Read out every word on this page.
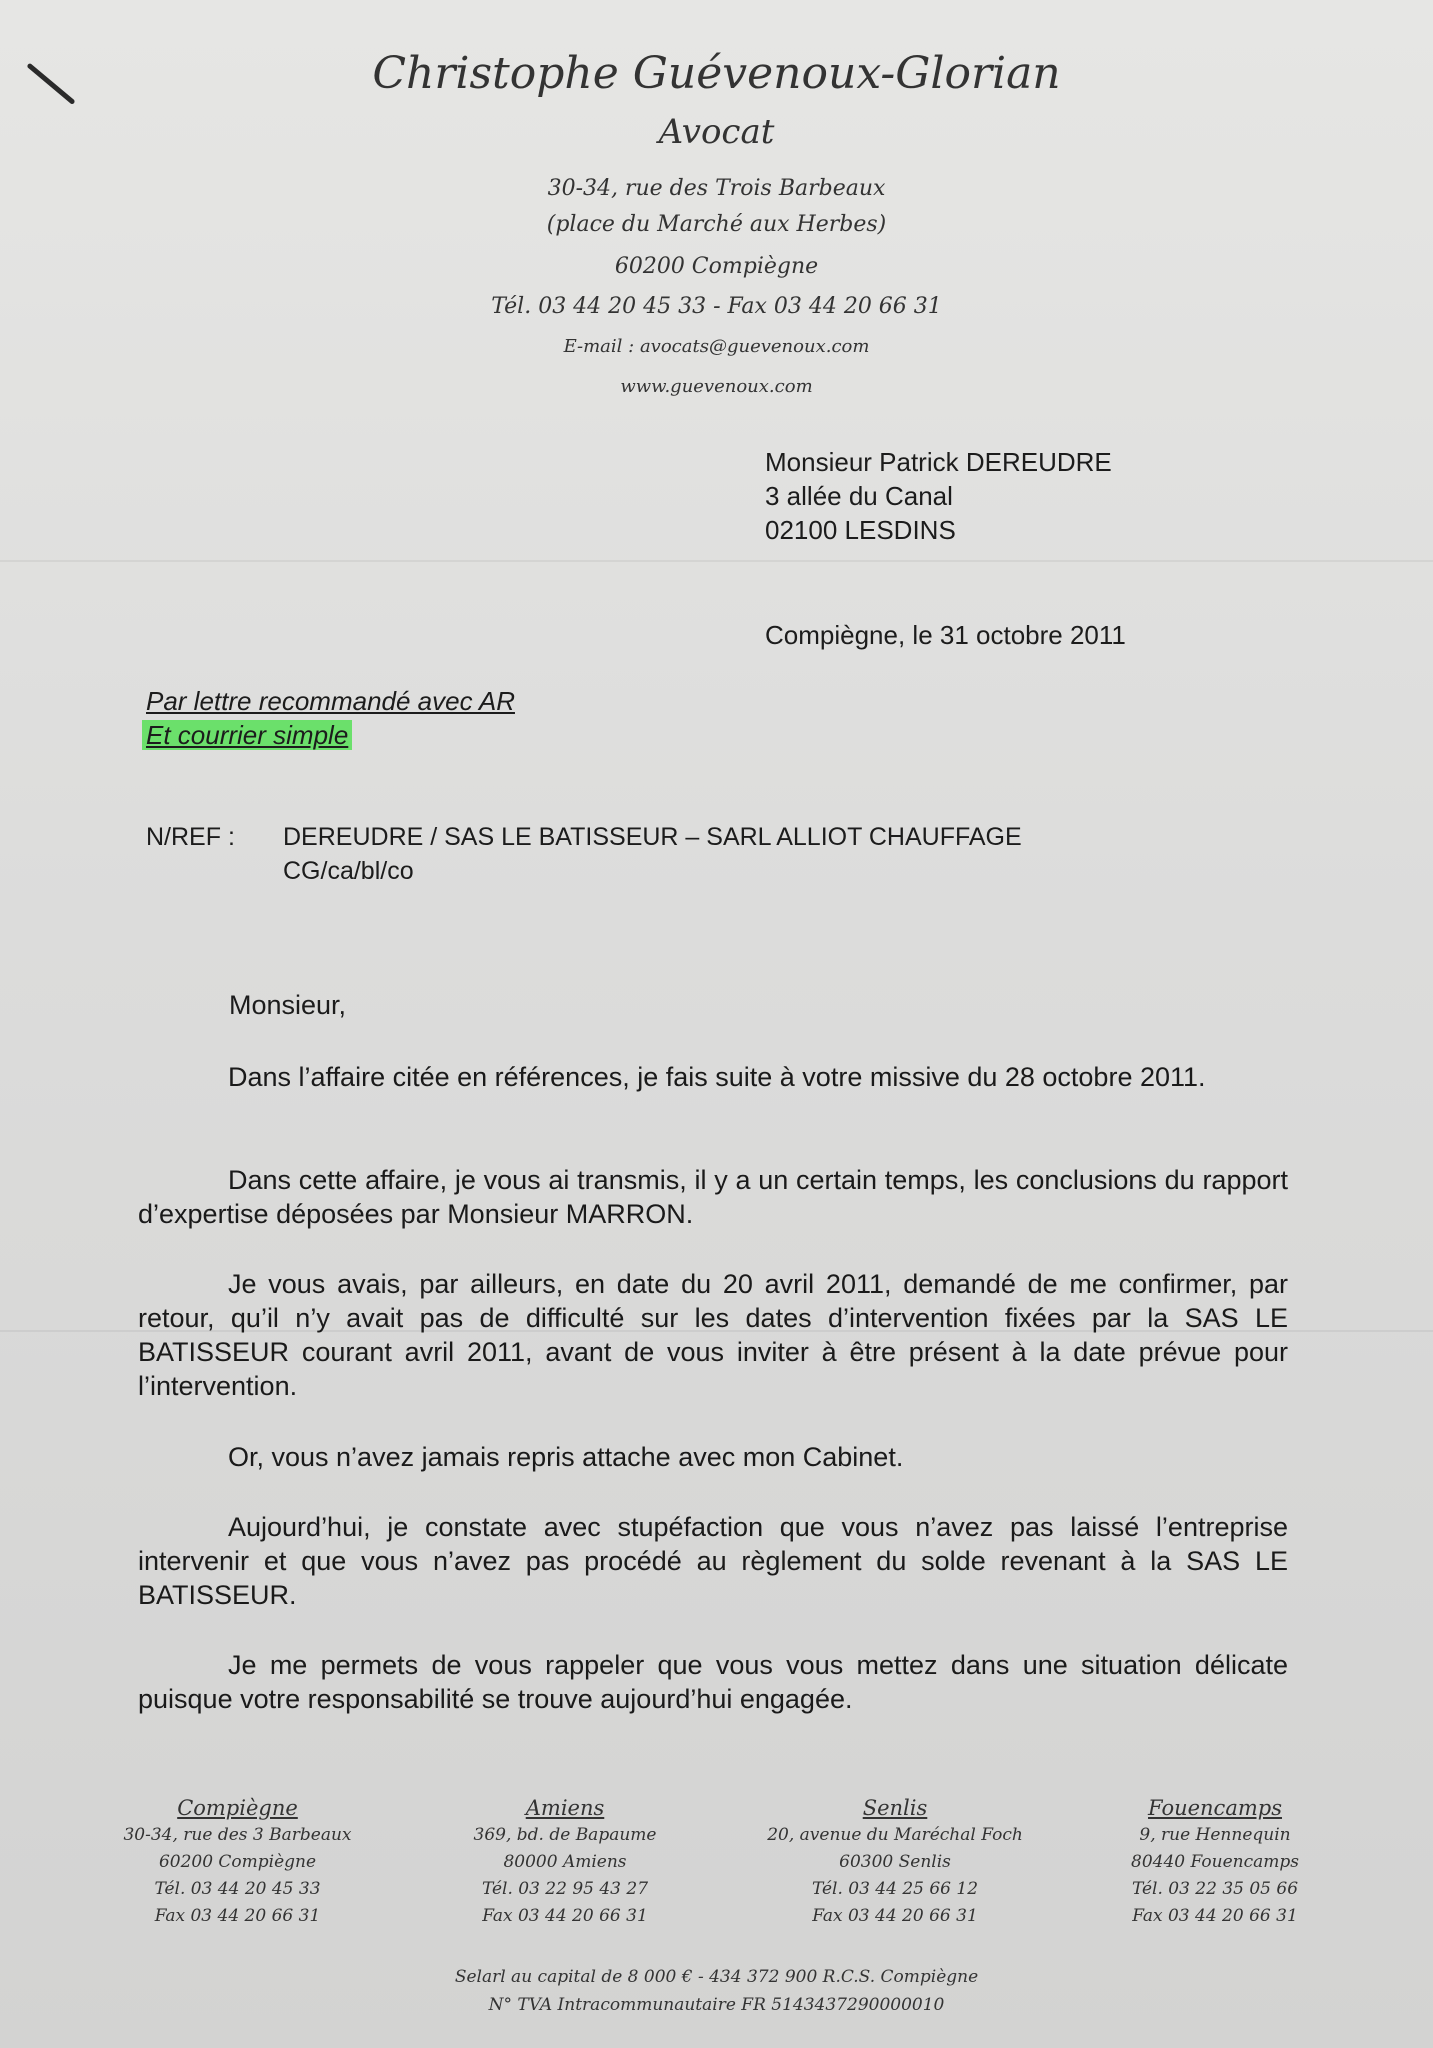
Christophe Guévenoux-Glorian
Avocat
30-34, rue des Trois Barbeaux
(place du Marché aux Herbes)
60200 Compiègne
Tél. 03 44 20 45 33 - Fax 03 44 20 66 31
E-mail : avocats@guevenoux.com
www.guevenoux.com
Monsieur Patrick DEREUDRE
3 allée du Canal
02100 LESDINS
Compiègne, le 31 octobre 2011
Par lettre recommandé avec AR
Et courrier simple
N/REF : DEREUDRE / SAS LE BATISSEUR – SARL ALLIOT CHAUFFAGE
CG/ca/bl/co
Monsieur,

Dans l’affaire citée en références, je fais suite à votre missive du 28 octobre 2011.

Dans cette affaire, je vous ai transmis, il y a un certain temps, les conclusions du rapport d’expertise déposées par Monsieur MARRON.

Je vous avais, par ailleurs, en date du 20 avril 2011, demandé de me confirmer, par retour, qu’il n’y avait pas de difficulté sur les dates d’intervention fixées par la SAS LE BATISSEUR courant avril 2011, avant de vous inviter à être présent à la date prévue pour l’intervention.

Or, vous n’avez jamais repris attache avec mon Cabinet.

Aujourd’hui, je constate avec stupéfaction que vous n’avez pas laissé l’entreprise intervenir et que vous n’avez pas procédé au règlement du solde revenant à la SAS LE BATISSEUR.

Je me permets de vous rappeler que vous vous mettez dans une situation délicate puisque votre responsabilité se trouve aujourd’hui engagée.

Compiègne
30-34, rue des 3 Barbeaux
60200 Compiègne
Tél. 03 44 20 45 33
Fax 03 44 20 66 31
Amiens
369, bd. de Bapaume
80000 Amiens
Tél. 03 22 95 43 27
Fax 03 44 20 66 31
Senlis
20, avenue du Maréchal Foch
60300 Senlis
Tél. 03 44 25 66 12
Fax 03 44 20 66 31
Fouencamps
9, rue Hennequin
80440 Fouencamps
Tél. 03 22 35 05 66
Fax 03 44 20 66 31
Selarl au capital de 8 000 € - 434 372 900 R.C.S. Compiègne
N° TVA Intracommunautaire FR 5143437290000010
